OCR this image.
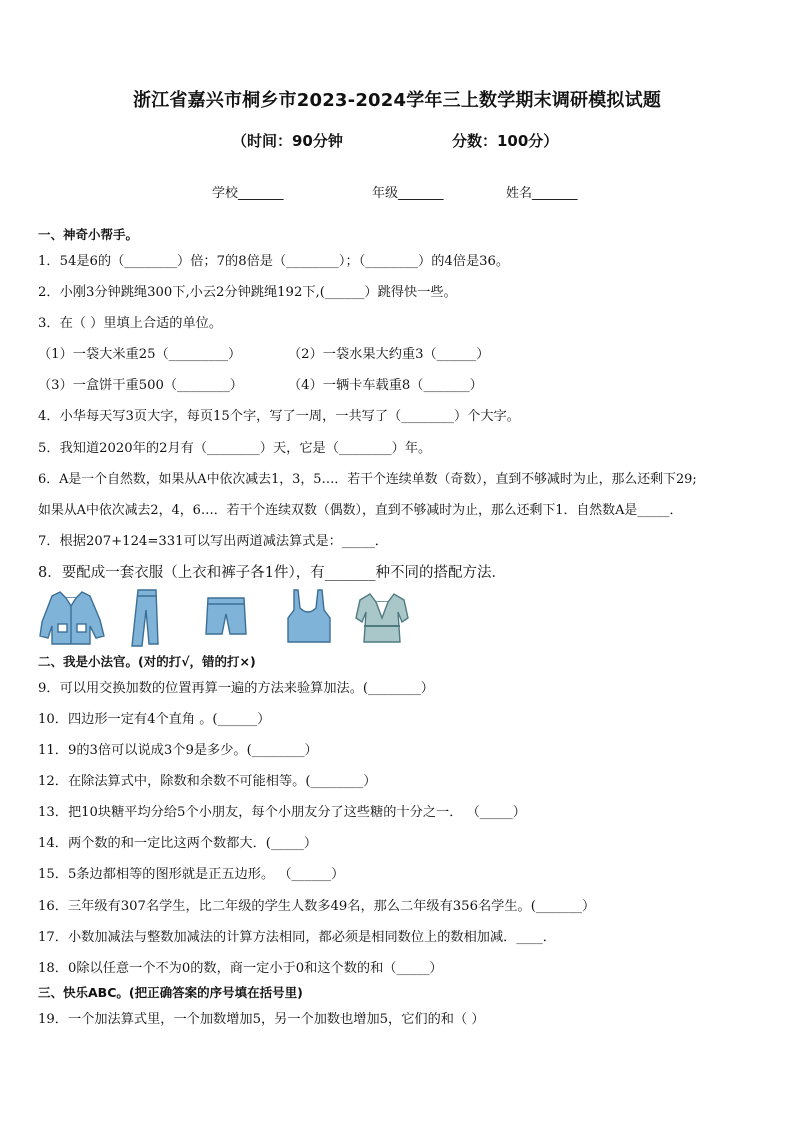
浙江省嘉兴市桐乡市2023-2024学年三上数学期末调研模拟试题
（时间：90分钟	分数：100分）
学校_______	年级_______	姓名_______
一、神奇小帮手。
1．54是6的（________）倍；7的8倍是（________）；（________）的4倍是36。
2．小刚3分钟跳绳300下,小云2分钟跳绳192下,(______）跳得快一些。
3．在（ ）里填上合适的单位。
（1）一袋大米重25（_________）	（2）一袋水果大约重3（______）
（3）一盒饼干重500（________）	（4）一辆卡车载重8（_______）
4．小华每天写3页大字，每页15个字，写了一周，一共写了（________）个大字。
5．我知道2020年的2月有（________）天，它是（________）年。
6．A是一个自然数，如果从A中依次减去1，3，5…．若干个连续单数（奇数），直到不够减时为止，那么还剩下29;
如果从A中依次减去2，4，6…．若干个连续双数（偶数），直到不够减时为止，那么还剩下1．自然数A是_____．
7．根据207+124=331可以写出两道减法算式是：_____．
8．要配成一套衣服（上衣和裤子各1件），有_______种不同的搭配方法．
二、我是小法官。(对的打√，错的打×)
9．可以用交换加数的位置再算一遍的方法来验算加法。(________）
10．四边形一定有4个直角 。(______）
11．9的3倍可以说成3个9是多少。(________）
12．在除法算式中，除数和余数不可能相等。(________）
13．把10块糖平均分给5个小朋友，每个小朋友分了这些糖的十分之一． （_____）
14．两个数的和一定比这两个数都大．(_____）
15．5条边都相等的图形就是正五边形。 （______）
16．三年级有307名学生，比二年级的学生人数多49名，那么二年级有356名学生。(_______）
17．小数加减法与整数加减法的计算方法相同，都必须是相同数位上的数相加减．____．
18．0除以任意一个不为0的数，商一定小于0和这个数的和（_____）
三、快乐ABC。(把正确答案的序号填在括号里)
19．一个加法算式里，一个加数增加5，另一个加数也增加5，它们的和（ ）
